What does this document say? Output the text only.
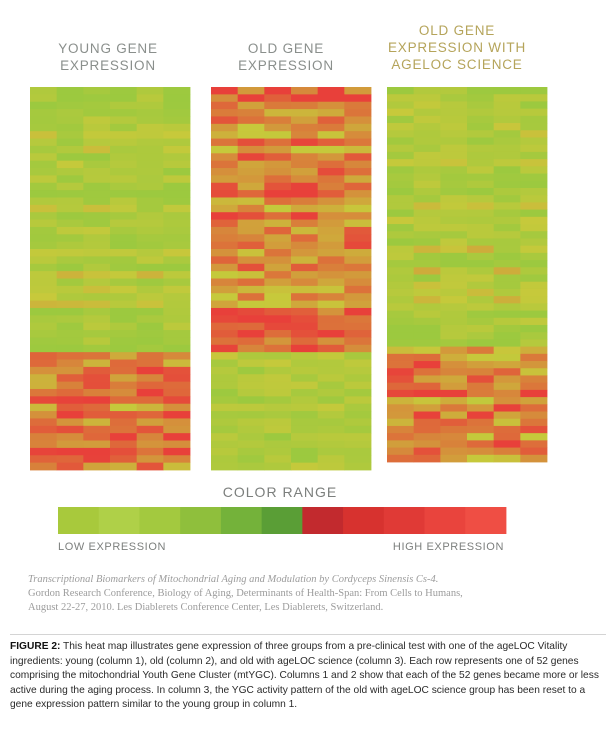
YOUNG GENE
EXPRESSION
OLD GENE
EXPRESSION
OLD GENE
EXPRESSION WITH
AGELOC SCIENCE
COLOR RANGE
LOW EXPRESSION	HIGH EXPRESSION
Transcriptional Biomarkers of Mitochondrial Aging and Modulation by Cordyceps Sinensis Cs-4.
Gordon Research Conference, Biology of Aging, Determinants of Health-Span: From Cells to Humans,
August 22-27, 2010. Les Diablerets Conference Center, Les Diablerets, Switzerland.
FIGURE 2: This heat map illustrates gene expression of three groups from a pre-clinical test with one of the ageLOC Vitality ingredients: young (column 1), old (column 2), and old with ageLOC science (column 3). Each row represents one of 52 genes comprising the mitochondrial Youth Gene Cluster (mtYGC). Columns 1 and 2 show that each of the 52 genes became more or less active during the aging process. In column 3, the YGC activity pattern of the old with ageLOC science group has been reset to a gene expression pattern similar to the young group in column 1.
